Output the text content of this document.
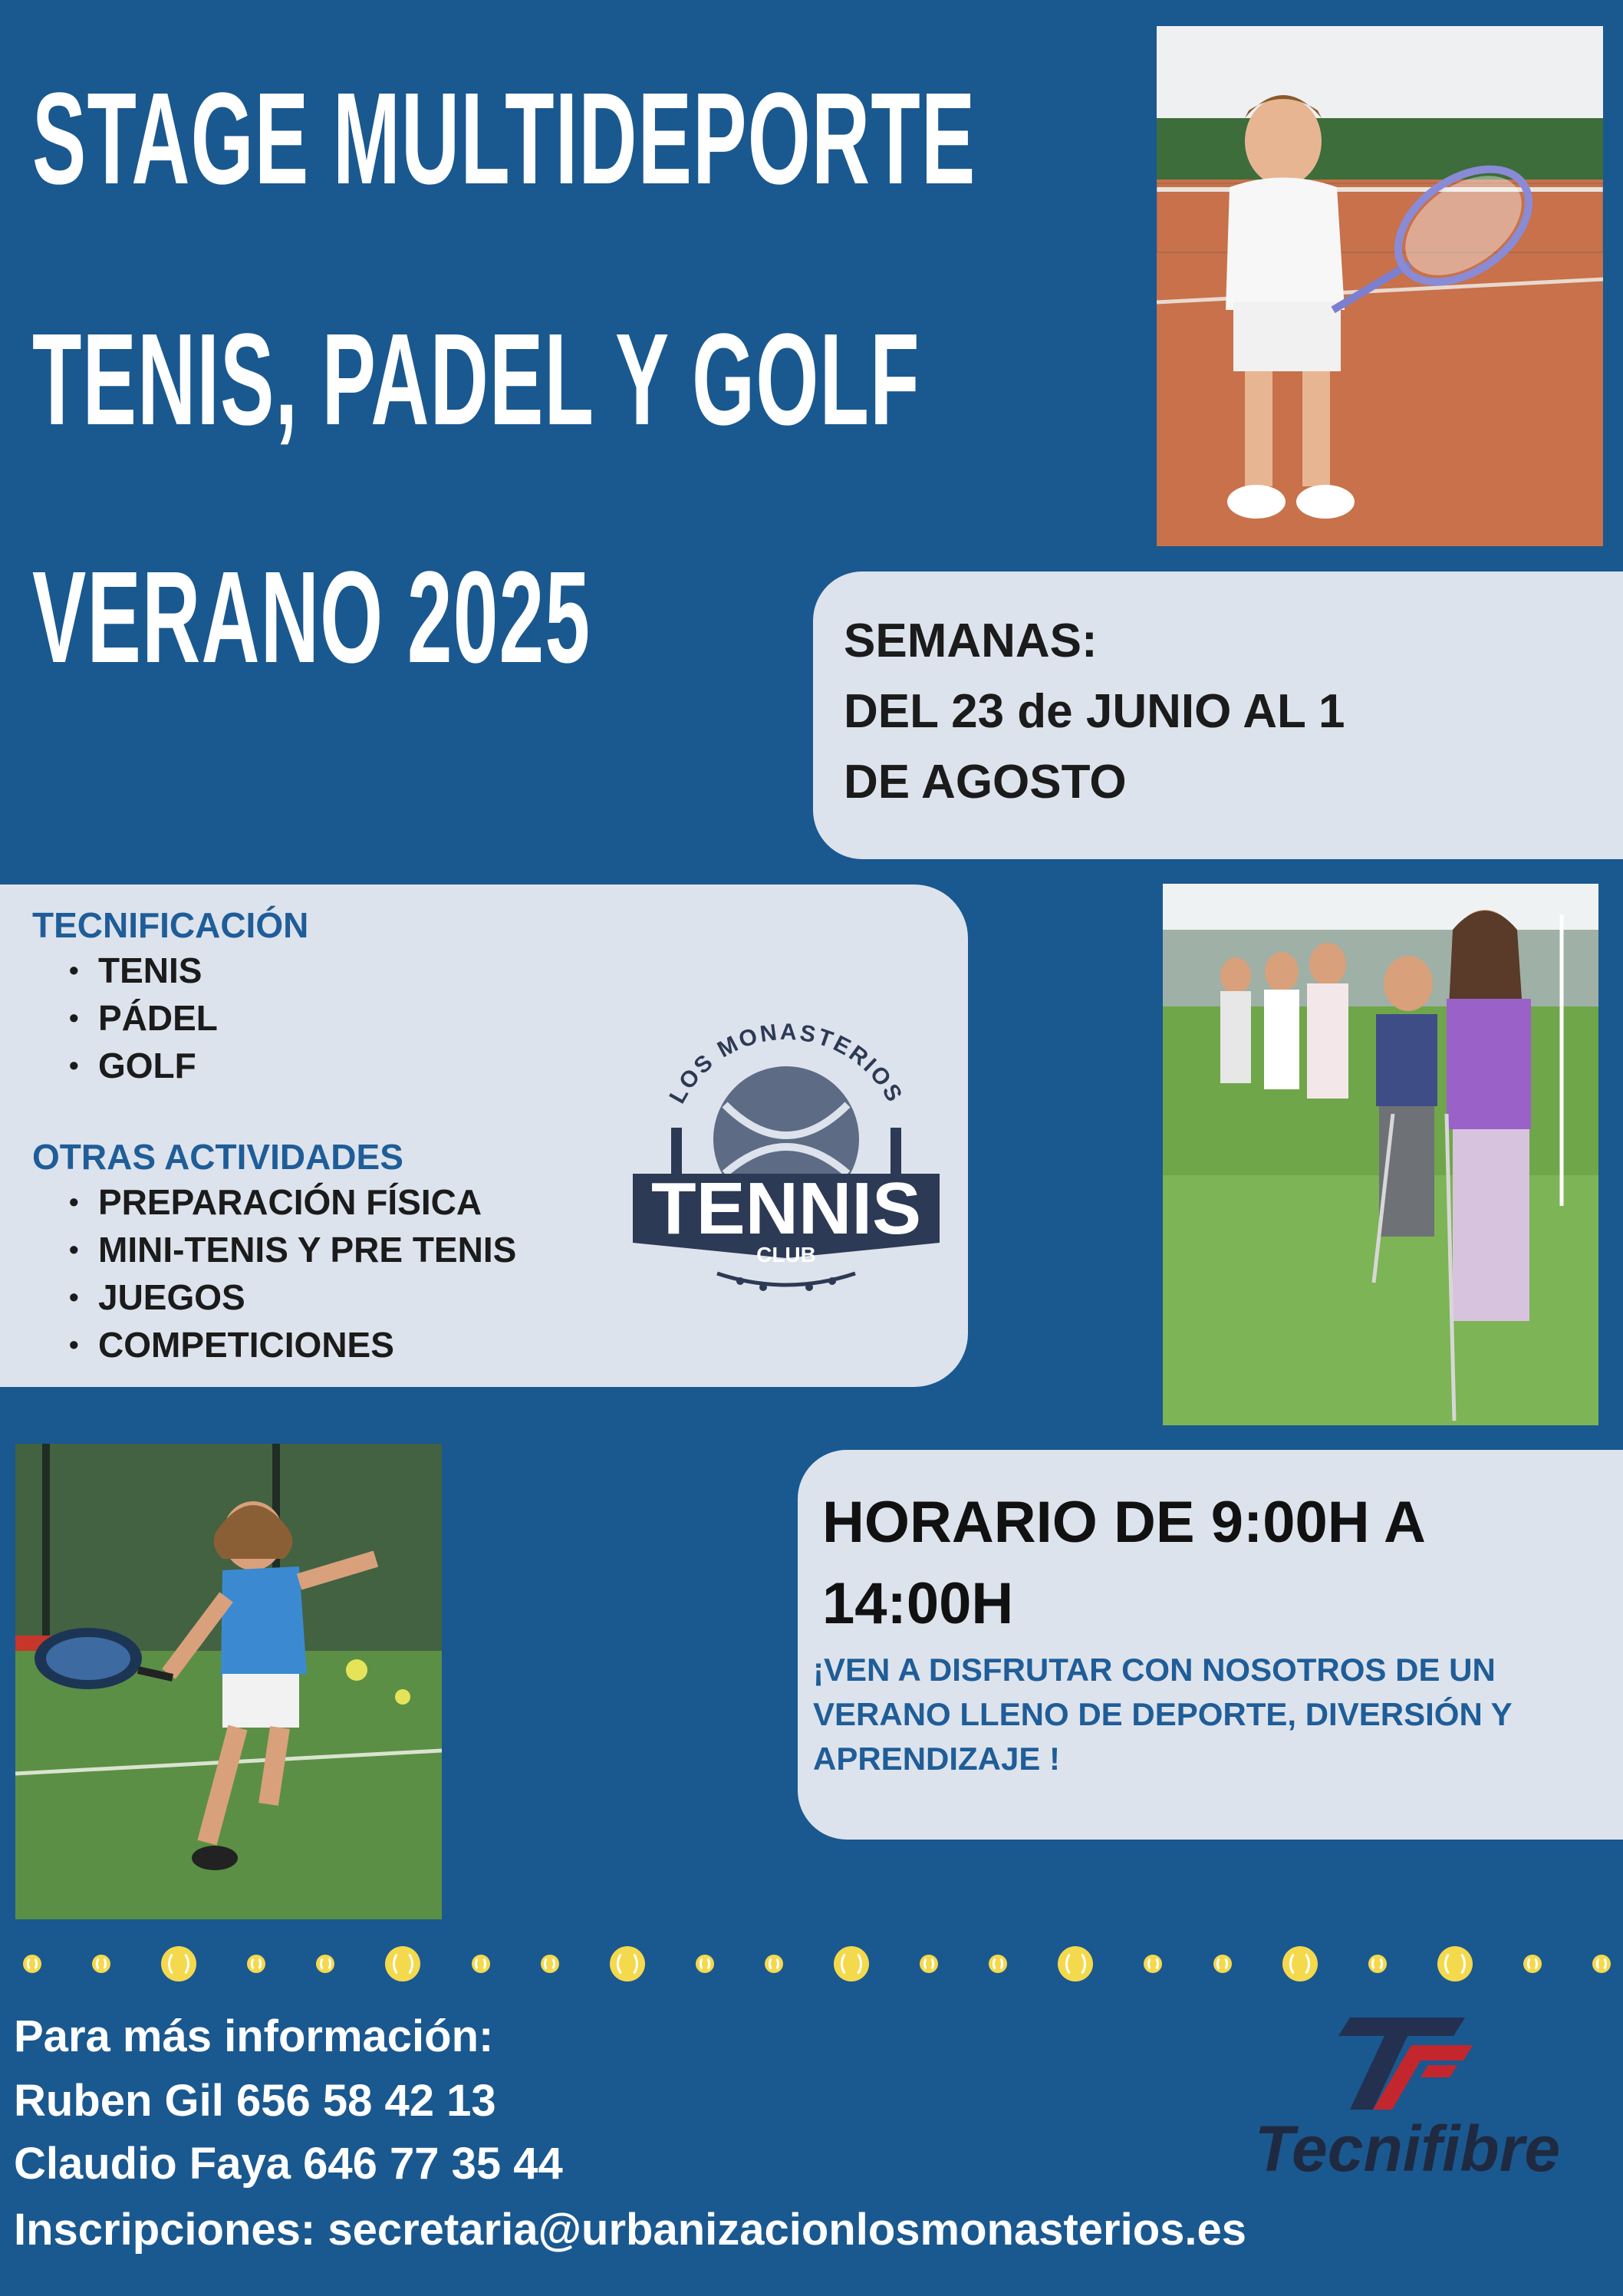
STAGE MULTIDEPORTE
TENIS, PADEL Y GOLF
VERANO 2025	SEMANAS:
DEL 23 de JUNIO AL 1
DE AGOSTO
TECNIFICACIÓN
• TENIS
• PÁDEL
• GOLF
OTRAS ACTIVIDADES
• PREPARACIÓN FÍSICA
• MINI-TENIS Y PRE TENIS
• JUEGOS
• COMPETICIONES
LOS MONASTERIOS
TENNIS
CLUB
HORARIO DE 9:00H A
14:00H
¡VEN A DISFRUTAR CON NOSOTROS DE UN
VERANO LLENO DE DEPORTE, DIVERSIÓN Y
APRENDIZAJE !
Para más información:
Ruben Gil 656 58 42 13
Claudio Faya 646 77 35 44
Inscripciones: secretaria@urbanizacionlosmonasterios.es
Tecnifibre
